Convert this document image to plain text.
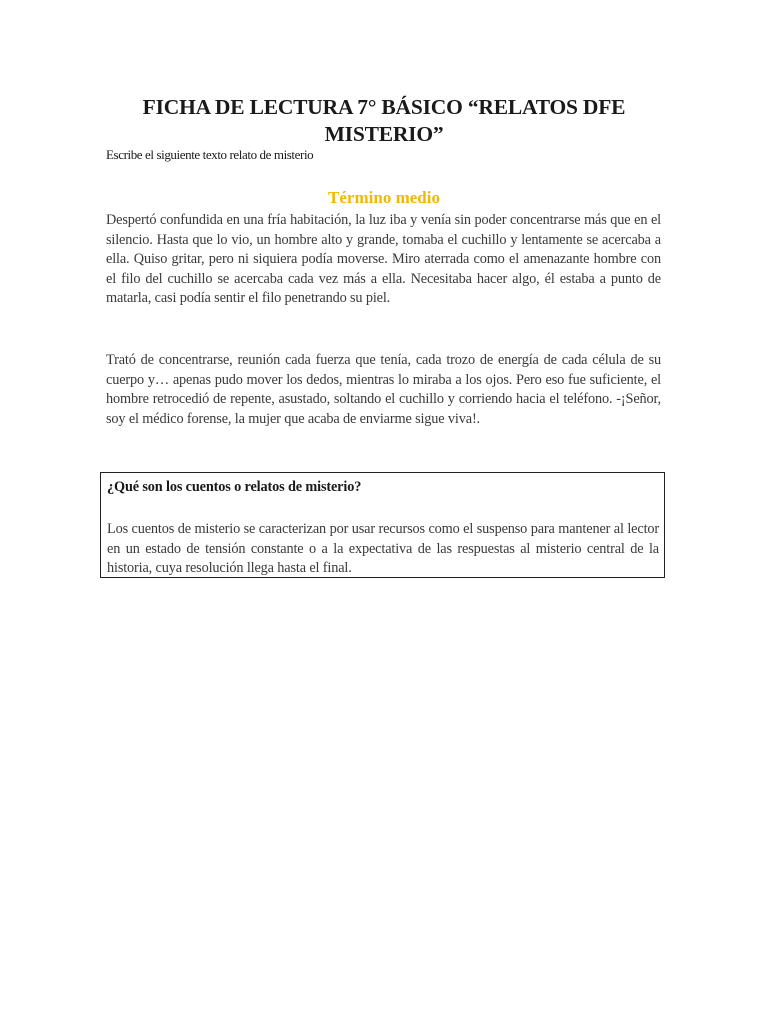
FICHA DE LECTURA 7° BÁSICO “RELATOS DFE MISTERIO”
Escribe el siguiente texto relato de misterio
Término medio
Despertó confundida en una fría habitación, la luz iba y venía sin poder concentrarse más que en el silencio. Hasta que lo vio, un hombre alto y grande, tomaba el cuchillo y lentamente se acercaba a ella. Quiso gritar, pero ni siquiera podía moverse. Miro aterrada como el amenazante hombre con el filo del cuchillo se acercaba cada vez más a ella. Necesitaba hacer algo, él estaba a punto de matarla, casi podía sentir el filo penetrando su piel.
Trató de concentrarse, reunión cada fuerza que tenía, cada trozo de energía de cada célula de su cuerpo y… apenas pudo mover los dedos, mientras lo miraba a los ojos. Pero eso fue suficiente, el hombre retrocedió de repente, asustado, soltando el cuchillo y corriendo hacia el teléfono. -¡Señor, soy el médico forense, la mujer que acaba de enviarme sigue viva!.
¿Qué son los cuentos o relatos de misterio?
Los cuentos de misterio se caracterizan por usar recursos como el suspenso para mantener al lector en un estado de tensión constante o a la expectativa de las respuestas al misterio central de la historia, cuya resolución llega hasta el final.
